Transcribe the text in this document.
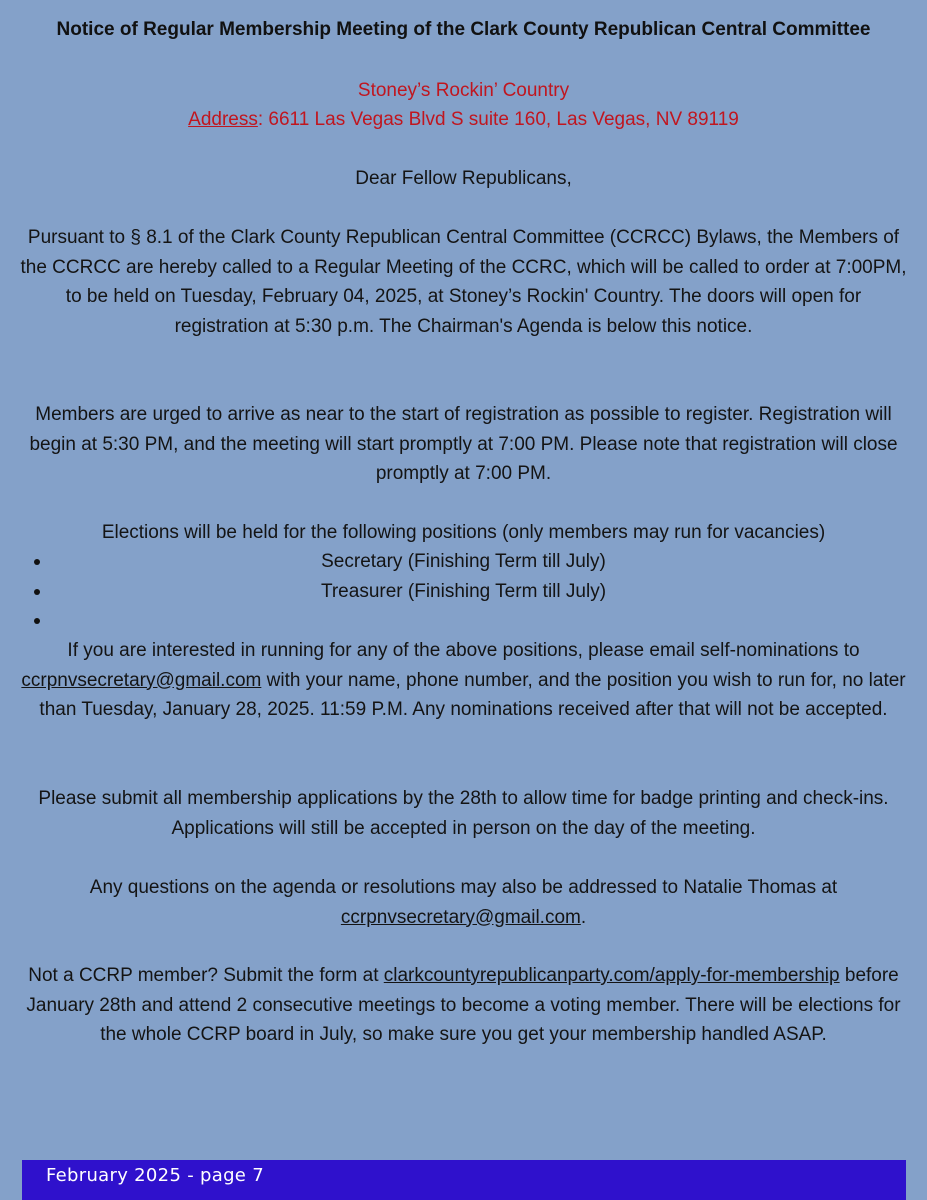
Notice of Regular Membership Meeting of the Clark County Republican Central Committee
Stoney’s Rockin’ Country
Address: 6611 Las Vegas Blvd S suite 160, Las Vegas, NV 89119
Dear Fellow Republicans,
Pursuant to § 8.1 of the Clark County Republican Central Committee (CCRCC) Bylaws, the Members of the CCRCC are hereby called to a Regular Meeting of the CCRC, which will be called to order at 7:00PM, to be held on Tuesday, February 04, 2025, at Stoney’s Rockin' Country. The doors will open for registration at 5:30 p.m. The Chairman's Agenda is below this notice.
Members are urged to arrive as near to the start of registration as possible to register. Registration will begin at 5:30 PM, and the meeting will start promptly at 7:00 PM. Please note that registration will close promptly at 7:00 PM.
Elections will be held for the following positions (only members may run for vacancies)
Secretary (Finishing Term till July)
Treasurer (Finishing Term till July)
If you are interested in running for any of the above positions, please email self-nominations to ccrpnvsecretary@gmail.com with your name, phone number, and the position you wish to run for, no later than Tuesday, January 28, 2025. 11:59 P.M. Any nominations received after that will not be accepted.
Please submit all membership applications by the 28th to allow time for badge printing and check-ins. Applications will still be accepted in person on the day of the meeting.
Any questions on the agenda or resolutions may also be addressed to Natalie Thomas at ccrpnvsecretary@gmail.com.
Not a CCRP member? Submit the form at clarkcountyrepublicanparty.com/apply-for-membership before January 28th and attend 2 consecutive meetings to become a voting member. There will be elections for the whole CCRP board in July, so make sure you get your membership handled ASAP.
February 2025 - page 7
